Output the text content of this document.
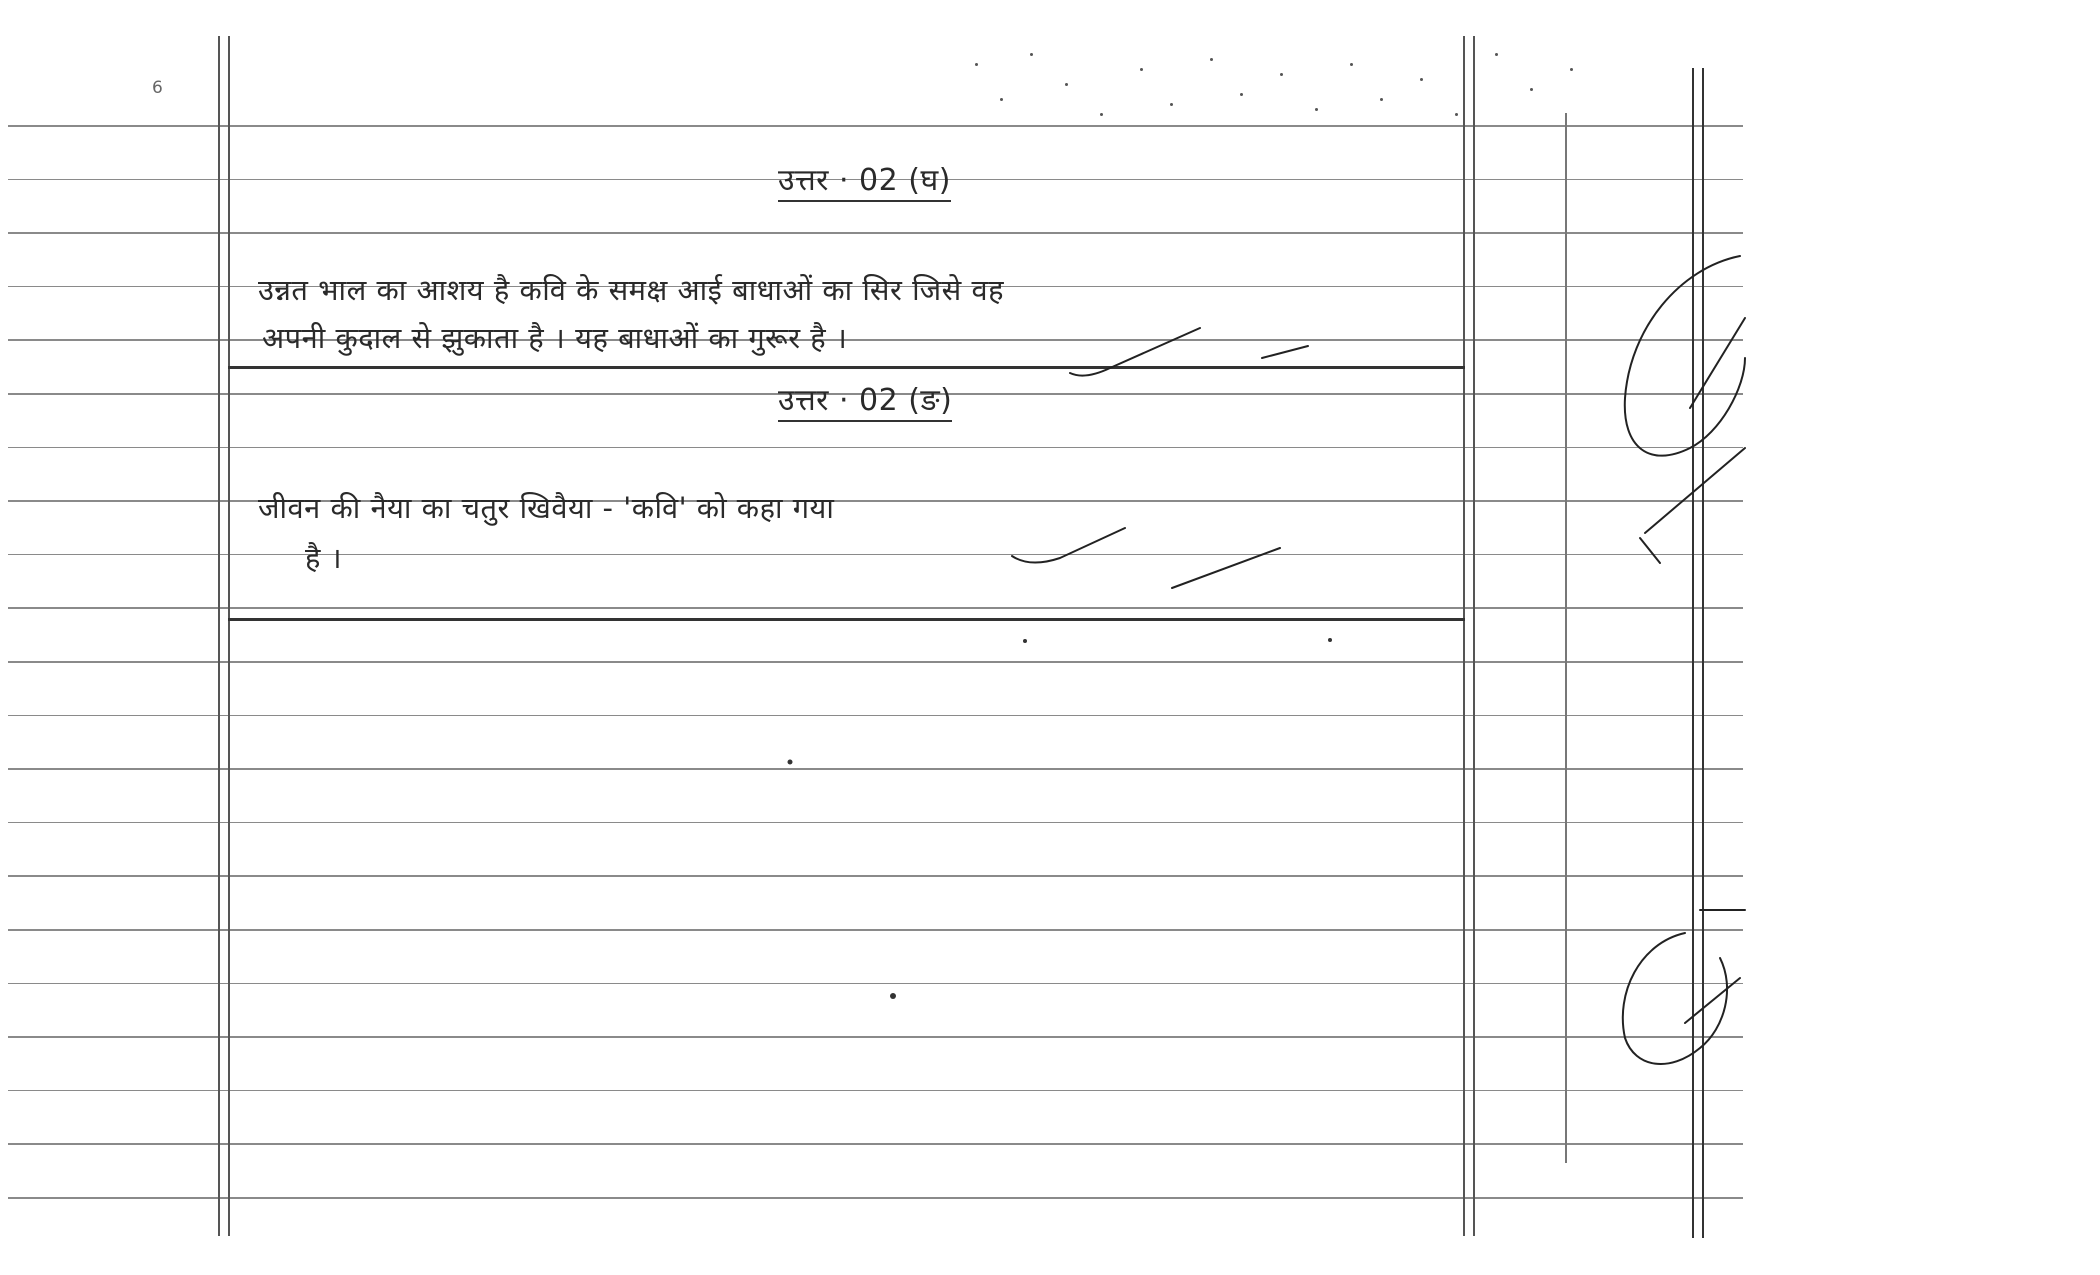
6
उत्तर · 02 (घ)
उन्नत भाल का आशय है कवि के समक्ष आई बाधाओं का सिर जिसे वह
अपनी कुदाल से झुकाता है । यह बाधाओं का गुरूर है ।
उत्तर · 02 (ङ)
जीवन की नैया का चतुर खिवैया - 'कवि' को कहा गया
है ।
